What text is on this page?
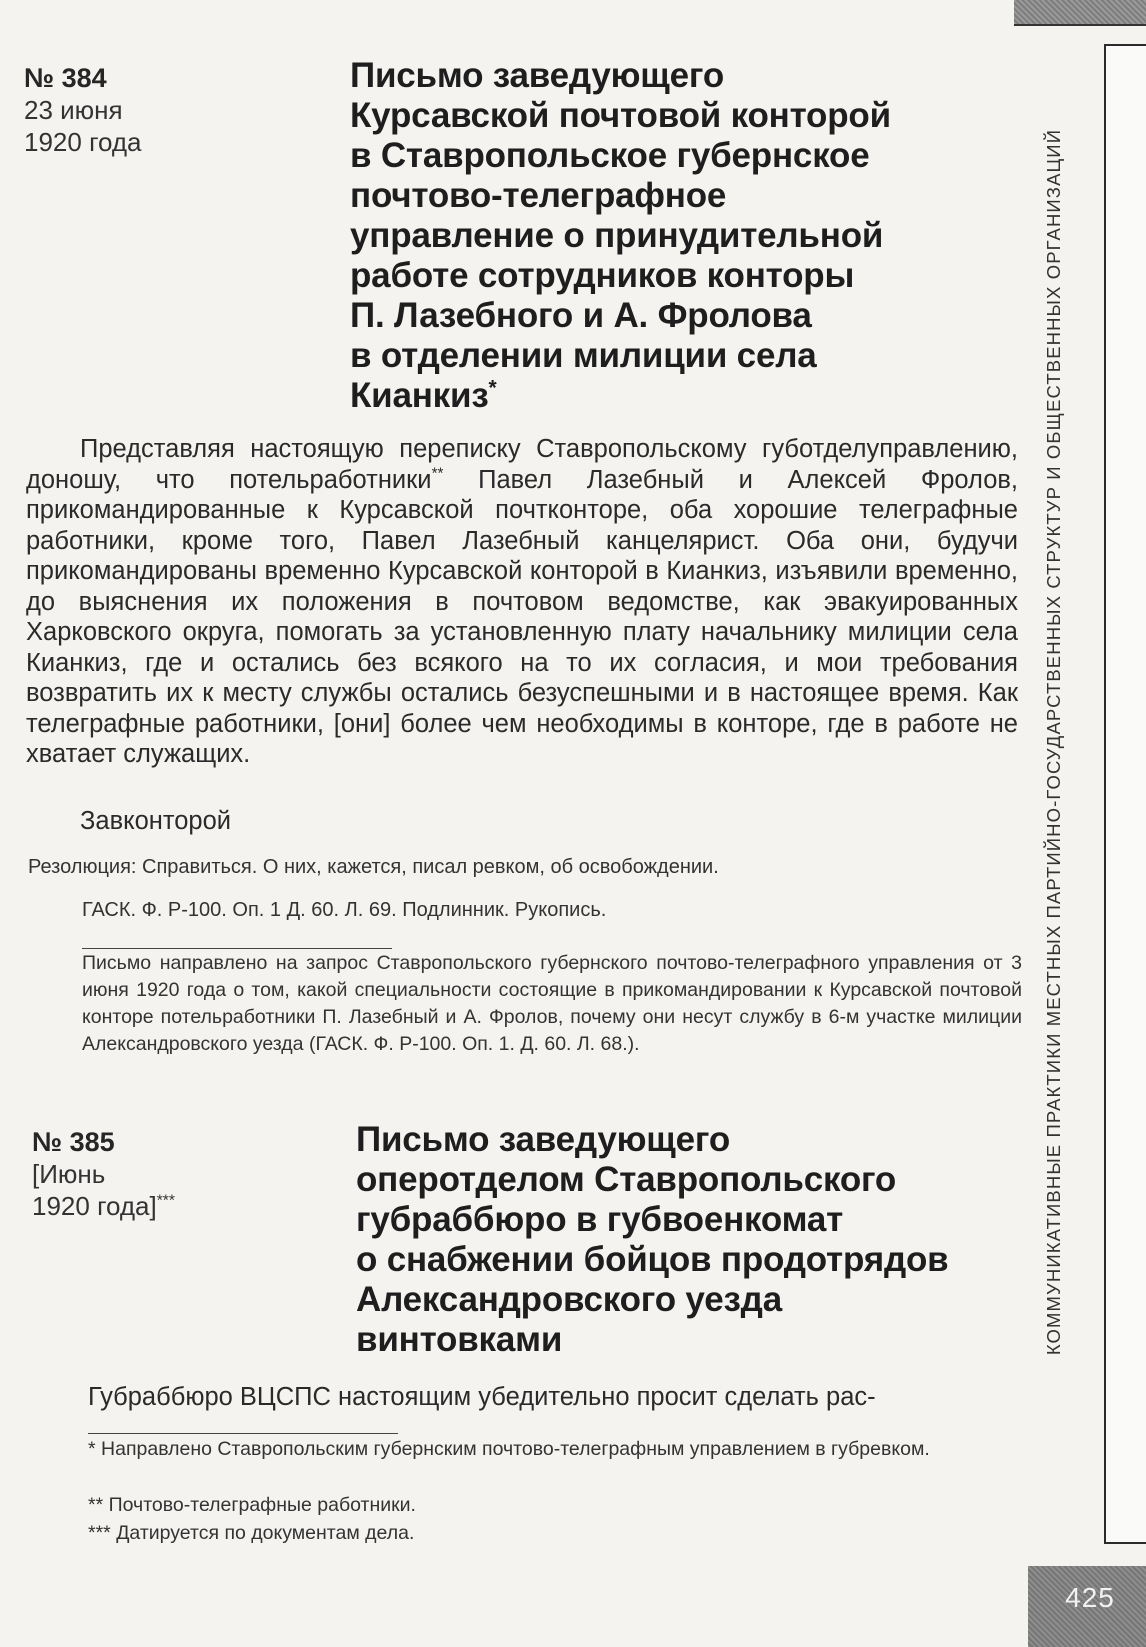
КОММУНИКАТИВНЫЕ ПРАКТИКИ МЕСТНЫХ ПАРТИЙНО-ГОСУДАРСТВЕННЫХ СТРУКТУР И ОБЩЕСТВЕННЫХ ОРГАНИЗАЦИЙ
№ 384
23 июня
1920 года
Письмо заведующего
Курсавской почтовой конторой
в Ставропольское губернское
почтово-телеграфное
управление о принудительной
работе сотрудников конторы
П. Лазебного и А. Фролова
в отделении милиции села
Кианкиз*
Представляя настоящую переписку Ставропольскому губотделуправлению, доношу, что потельработники** Павел Лазебный и Алексей Фролов, прикомандированные к Курсавской почтконторе, оба хорошие телеграфные работники, кроме того, Павел Лазебный канцелярист. Оба они, будучи прикомандированы временно Курсавской конторой в Кианкиз, изъявили временно, до выяснения их положения в почтовом ведомстве, как эвакуированных Харковского округа, помогать за установленную плату начальнику милиции села Кианкиз, где и остались без всякого на то их согласия, и мои требования возвратить их к месту службы остались безуспешными и в настоящее время. Как телеграфные работники, [они] более чем необходимы в конторе, где в работе не хватает служащих.
Завконторой
Резолюция: Справиться. О них, кажется, писал ревком, об освобождении.
ГАСК. Ф. Р-100. Оп. 1 Д. 60. Л. 69. Подлинник. Рукопись.
Письмо направлено на запрос Ставропольского губернского почтово-телеграфного управления от 3 июня 1920 года о том, какой специальности состоящие в прикомандировании к Курсавской почтовой конторе потельработники П. Лазебный и А. Фролов, почему они несут службу в 6-м участке милиции Александровского уезда (ГАСК. Ф. Р-100. Оп. 1. Д. 60. Л. 68.).
№ 385
[Июнь
1920 года]***
Письмо заведующего
оперотделом Ставропольского
губраббюро в губвоенкомат
о снабжении бойцов продотрядов
Александровского уезда
винтовками
Губраббюро ВЦСПС настоящим убедительно просит сделать рас-
* Направлено Ставропольским губернским почтово-телеграфным управлением в губревком.
** Почтово-телеграфные работники.
*** Датируется по документам дела.
425
